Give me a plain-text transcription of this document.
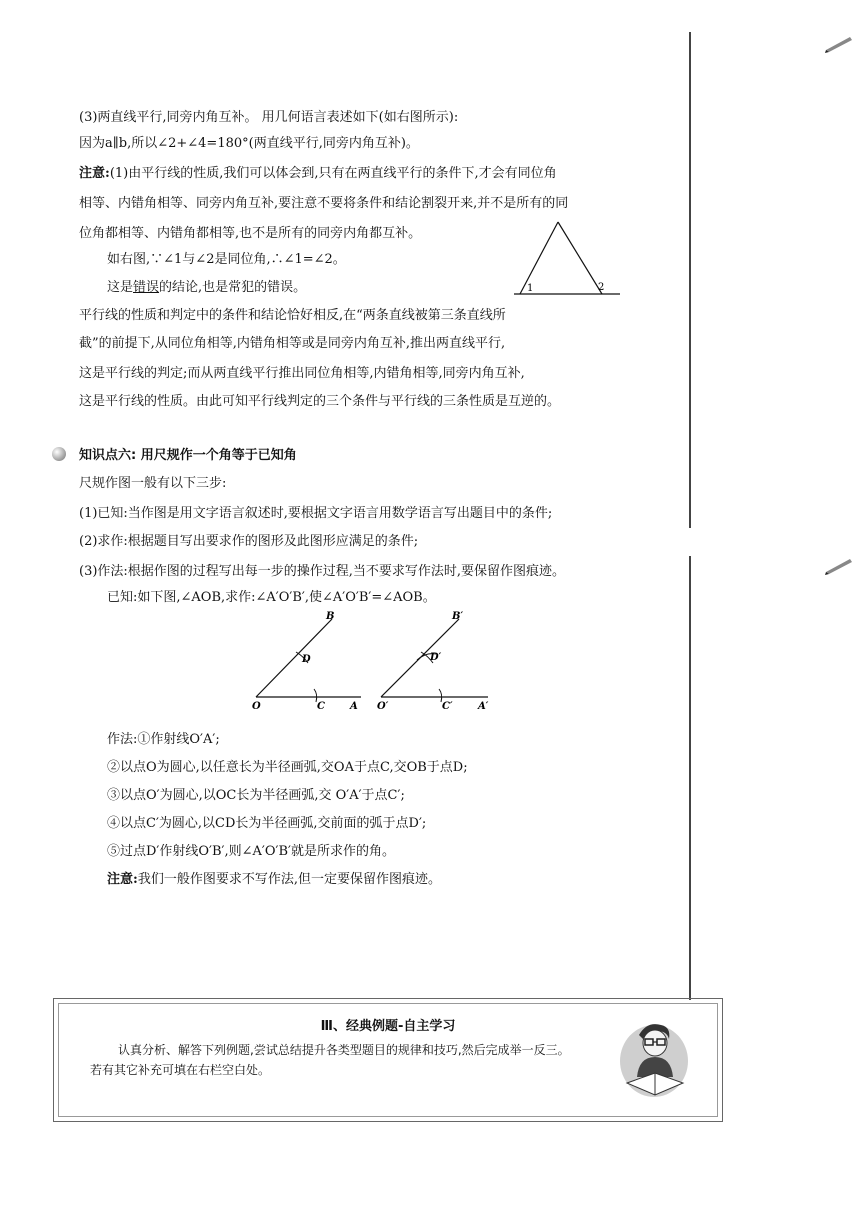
(3)两直线平行,同旁内角互补。 用几何语言表述如下(如右图所示):
因为a∥b,所以∠2+∠4=180°(两直线平行,同旁内角互补)。
注意:(1)由平行线的性质,我们可以体会到,只有在两直线平行的条件下,才会有同位角
相等、内错角相等、同旁内角互补,要注意不要将条件和结论割裂开来,并不是所有的同
位角都相等、内错角都相等,也不是所有的同旁内角都互补。
如右图,∵∠1与∠2是同位角,∴∠1=∠2。
这是错误的结论,也是常犯的错误。
平行线的性质和判定中的条件和结论恰好相反,在“两条直线被第三条直线所
截”的前提下,从同位角相等,内错角相等或是同旁内角互补,推出两直线平行,
这是平行线的判定;而从两直线平行推出同位角相等,内错角相等,同旁内角互补,
这是平行线的性质。由此可知平行线判定的三个条件与平行线的三条性质是互逆的。
1	2
知识点六: 用尺规作一个角等于已知角
尺规作图一般有以下三步:
(1)已知:当作图是用文字语言叙述时,要根据文字语言用数学语言写出题目中的条件;
(2)求作:根据题目写出要求作的图形及此图形应满足的条件;
(3)作法:根据作图的过程写出每一步的操作过程,当不要求写作法时,要保留作图痕迹。
已知:如下图,∠AOB,求作:∠A′O′B′,使∠A′O′B′=∠AOB。
B
D
O	C	A
B′
D′
O′	C′	A′
作法:①作射线O′A′;
②以点O为圆心,以任意长为半径画弧,交OA于点C,交OB于点D;
③以点O′为圆心,以OC长为半径画弧,交 O′A′于点C′;
④以点C′为圆心,以CD长为半径画弧,交前面的弧于点D′;
⑤过点D′作射线O′B′,则∠A′O′B′就是所求作的角。
注意:我们一般作图要求不写作法,但一定要保留作图痕迹。
Ⅲ、经典例题-自主学习
认真分析、解答下列例题,尝试总结提升各类型题目的规律和技巧,然后完成举一反三。
若有其它补充可填在右栏空白处。
